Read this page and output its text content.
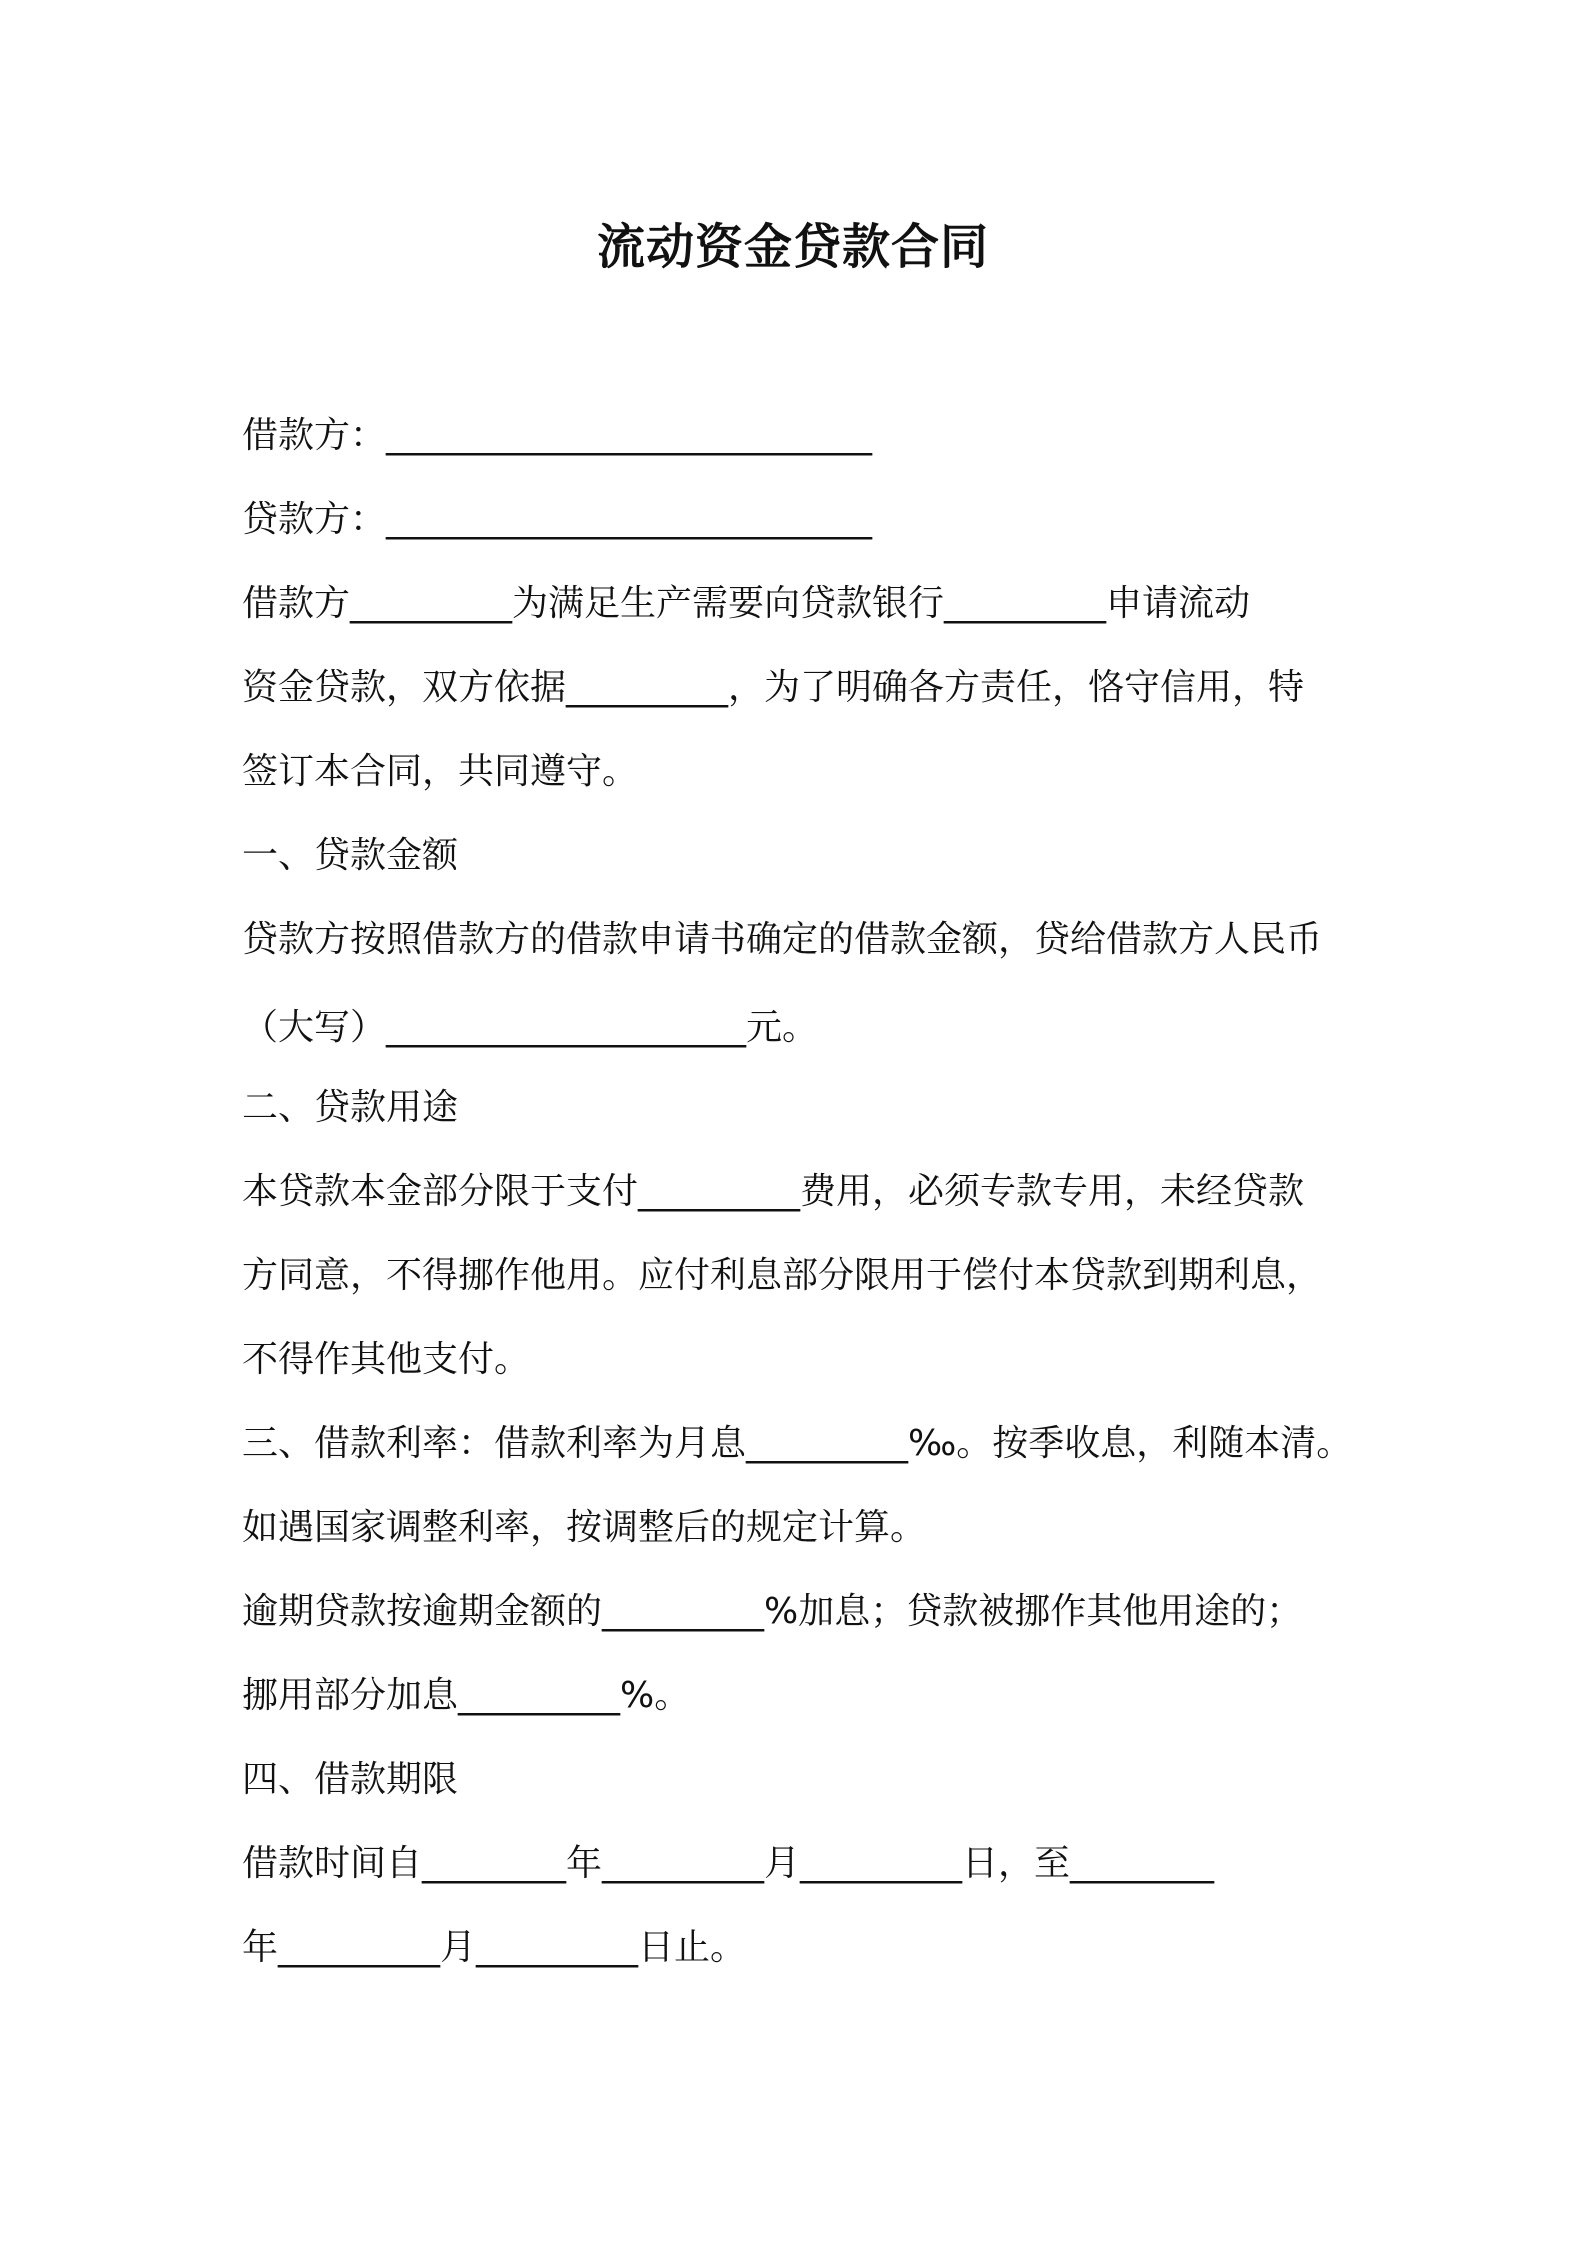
流动资金贷款合同

借款方：___________________________

贷款方：___________________________

借款方_________为满足生产需要向贷款银行_________申请流动

资金贷款，双方依据_________，为了明确各方责任，恪守信用，特

签订本合同，共同遵守。

一、贷款金额

贷款方按照借款方的借款申请书确定的借款金额，贷给借款方人民币

（大写）____________________元。

二、贷款用途

本贷款本金部分限于支付_________费用，必须专款专用，未经贷款

方同意，不得挪作他用。应付利息部分限用于偿付本贷款到期利息，

不得作其他支付。

三、借款利率：借款利率为月息_________‰。按季收息，利随本清。

如遇国家调整利率，按调整后的规定计算。

逾期贷款按逾期金额的_________%加息；贷款被挪作其他用途的；

挪用部分加息_________%。

四、借款期限

借款时间自________年_________月_________日，至________

年_________月_________日止。
